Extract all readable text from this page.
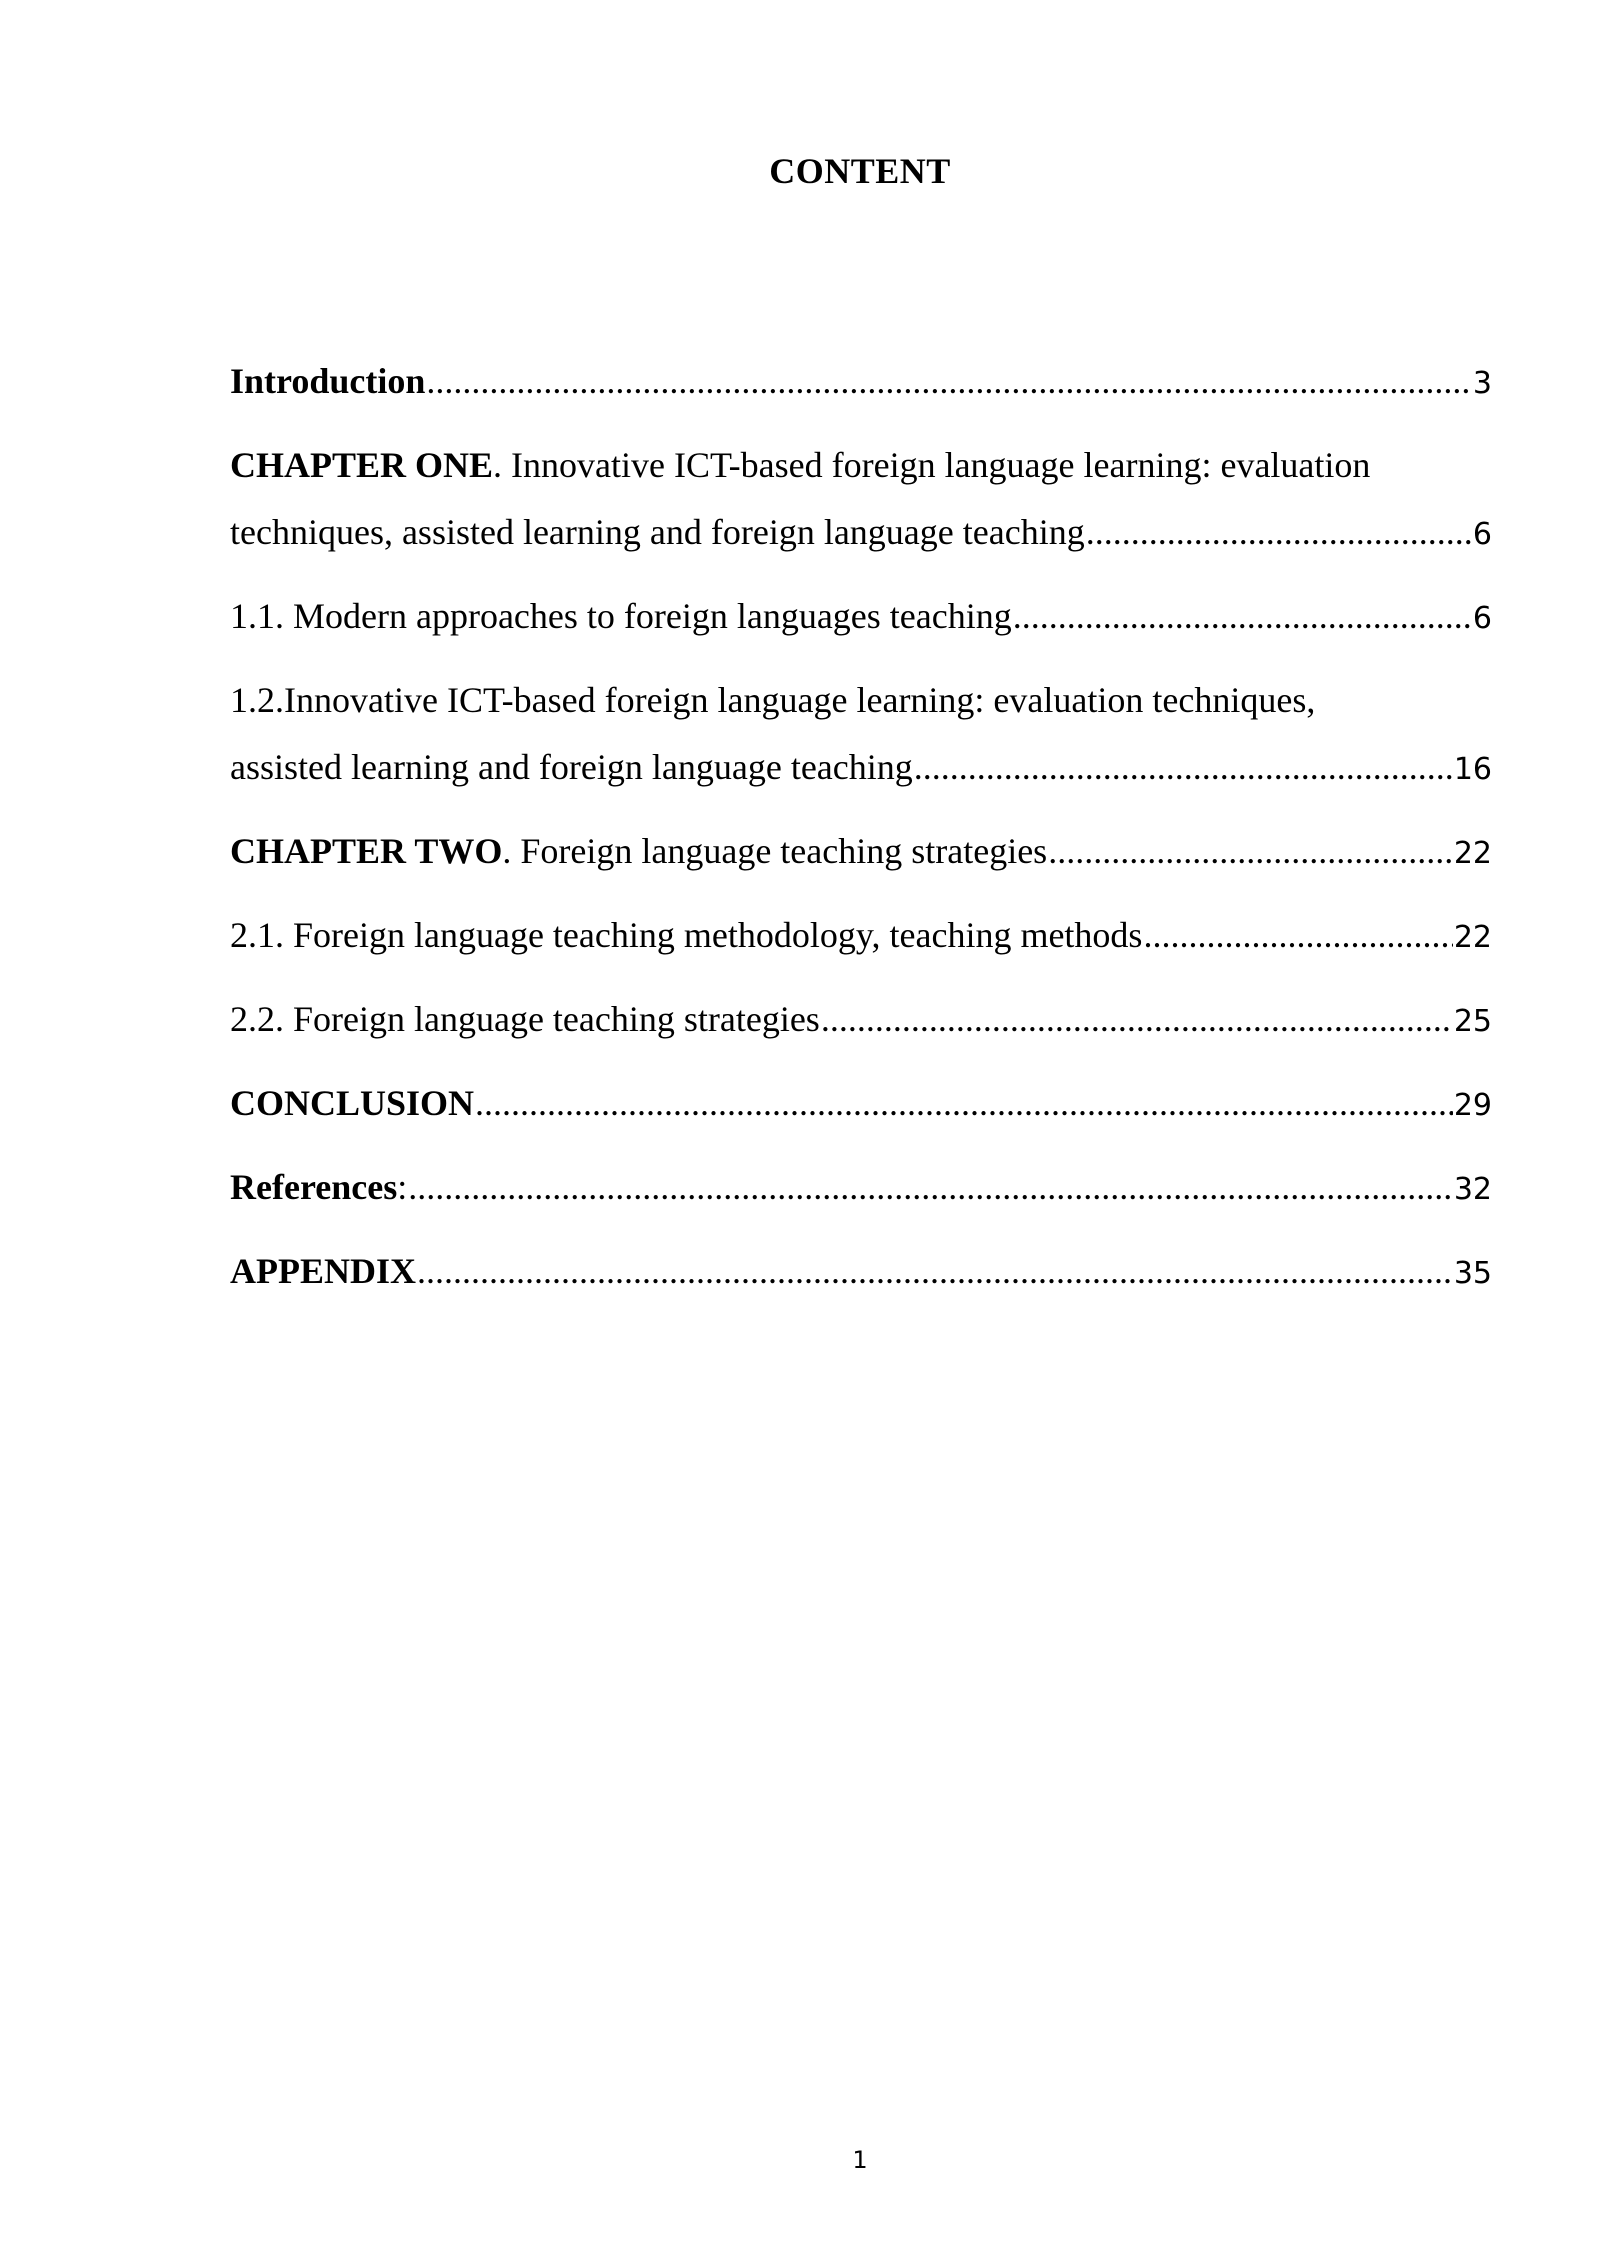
CONTENT
Introduction .....	3
CHAPTER ONE . Innovative ICT-based foreign language learning: evaluation
techniques, assisted learning and foreign language teaching .....	6
1.1. Modern approaches to foreign languages teaching .....	6
1.2.Innovative ICT-based foreign language learning: evaluation techniques,
assisted learning and foreign language teaching .....	16
CHAPTER TWO. Foreign language teaching strategies .....	22
2.1. Foreign language teaching methodology, teaching methods .....	22
2.2. Foreign language teaching strategies .....	25
CONCLUSION .....	29
References: .....	32
APPENDIX .....	35
1
